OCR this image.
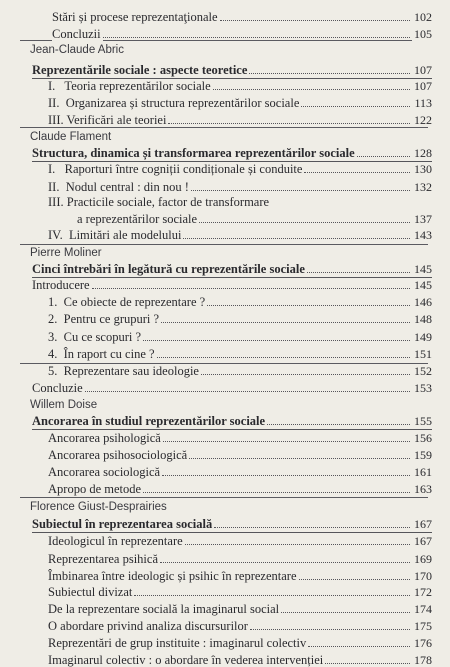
Stări și procese reprezentaţionale	102
Concluzii	105
Jean-Claude Abric
Reprezentările sociale : aspecte teoretice	107
I.   Teoria reprezentărilor sociale	107
II.  Organizarea și structura reprezentărilor sociale	113
III. Verificări ale teoriei	122
Claude Flament
Structura, dinamica și transformarea reprezentărilor sociale	128
I.   Raporturi între cogniții condiționale și conduite	130
II.  Nodul central : din nou !	132
III. Practicile sociale, factor de transformare
a reprezentărilor sociale	137
IV.  Limitări ale modelului	143
Pierre Moliner
Cinci întrebări în legătură cu reprezentările sociale	145
Introducere	145
1.  Ce obiecte de reprezentare ?	146
2.  Pentru ce grupuri ?	148
3.  Cu ce scopuri ?	149
4.  În raport cu cine ?	151
5.  Reprezentare sau ideologie	152
Concluzie	153
Willem Doise
Ancorarea în studiul reprezentărilor sociale	155
Ancorarea psihologică	156
Ancorarea psihosociologică	159
Ancorarea sociologică	161
Apropo de metode	163
Florence Giust-Desprairies
Subiectul în reprezentarea socială	167
Ideologicul în reprezentare	167
Reprezentarea psihică	169
Îmbinarea între ideologic și psihic în reprezentare	170
Subiectul divizat	172
De la reprezentare socială la imaginarul social	174
O abordare privind analiza discursurilor	175
Reprezentări de grup instituite : imaginarul colectiv	176
Imaginarul colectiv : o abordare în vederea intervenției	178
